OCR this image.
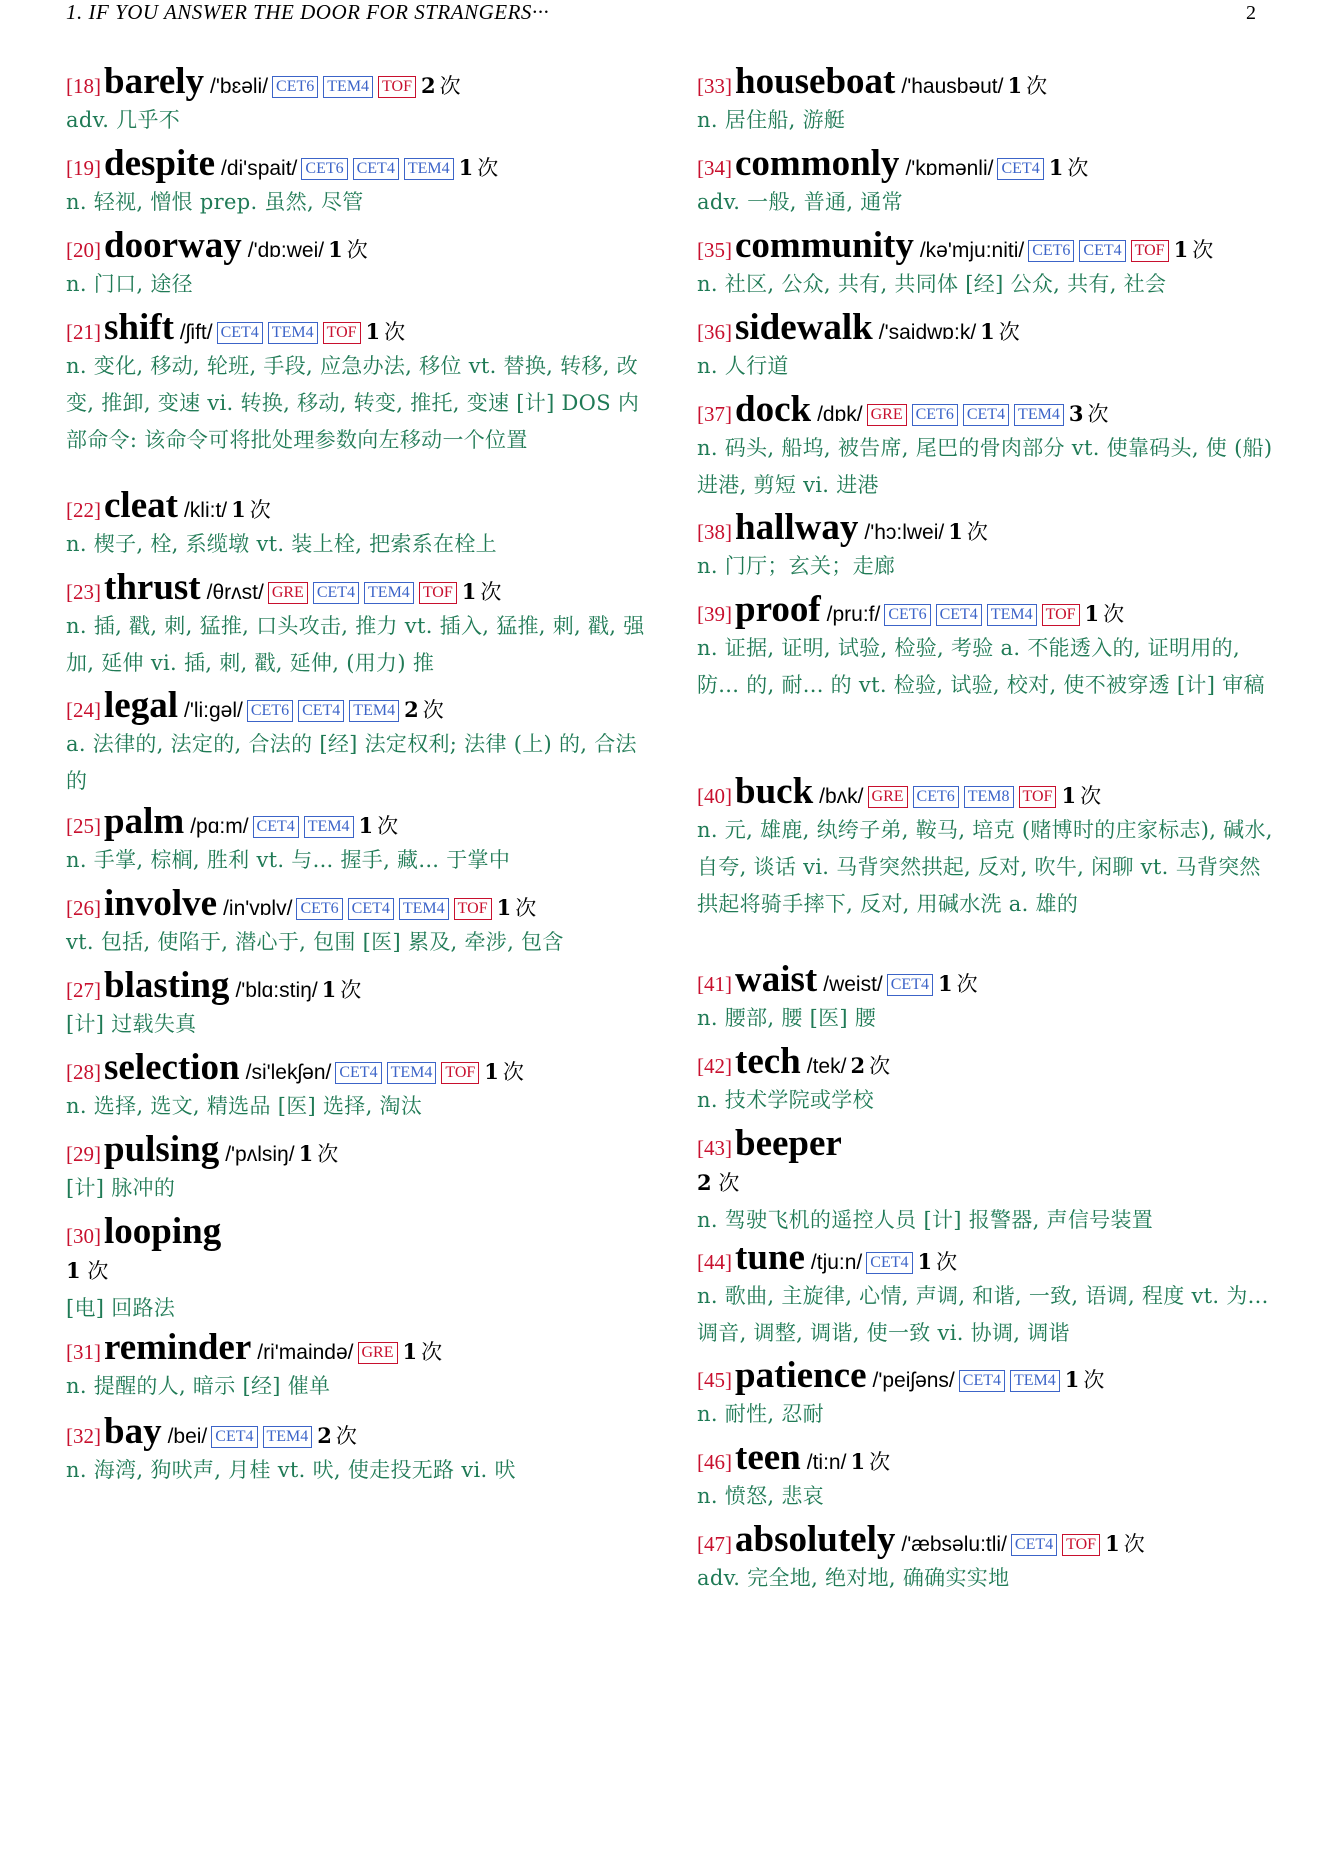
1. IF YOU ANSWER THE DOOR FOR STRANGERS···	2
[18]barely /'bɛəli/ CET6 TEM4 TOF 2 次
adv. 几乎不
[19]despite /di'spait/ CET6 CET4 TEM4 1 次
n. 轻视, 憎恨 prep. 虽然, 尽管
[20]doorway /'dɒ:wei/ 1 次
n. 门口, 途径
[21]shift /ʃift/ CET4 TEM4 TOF 1 次
n. 变化, 移动, 轮班, 手段, 应急办法, 移位 vt. 替换, 转移, 改变, 推卸, 变速 vi. 转换, 移动, 转变, 推托, 变速 [计] DOS 内部命令: 该命令可将批处理参数向左移动一个位置
[22]cleat /kli:t/ 1 次
n. 楔子, 栓, 系缆墩 vt. 装上栓, 把索系在栓上
[23]thrust /θrʌst/ GRE CET4 TEM4 TOF 1 次
n. 插, 戳, 刺, 猛推, 口头攻击, 推力 vt. 插入, 猛推, 刺, 戳, 强加, 延伸 vi. 插, 刺, 戳, 延伸, (用力) 推
[24]legal /'li:gəl/ CET6 CET4 TEM4 2 次
a. 法律的, 法定的, 合法的 [经] 法定权利; 法律 (上) 的, 合法的
[25]palm /pɑ:m/ CET4 TEM4 1 次
n. 手掌, 棕榈, 胜利 vt. 与... 握手, 藏... 于掌中
[26]involve /in'vɒlv/ CET6 CET4 TEM4 TOF 1 次
vt. 包括, 使陷于, 潜心于, 包围 [医] 累及, 牵涉, 包含
[27]blasting /'blɑ:stiŋ/ 1 次
[计] 过载失真
[28]selection /si'lekʃən/ CET4 TEM4 TOF 1 次
n. 选择, 选文, 精选品 [医] 选择, 淘汰
[29]pulsing /'pʌlsiŋ/ 1 次
[计] 脉冲的
[30]looping
1 次
[电] 回路法
[31]reminder /ri'maində/ GRE 1 次
n. 提醒的人, 暗示 [经] 催单
[32]bay /bei/ CET4 TEM4 2 次
n. 海湾, 狗吠声, 月桂 vt. 吠, 使走投无路 vi. 吠
[33]houseboat /'hausbəut/ 1 次
n. 居住船, 游艇
[34]commonly /'kɒmənli/ CET4 1 次
adv. 一般, 普通, 通常
[35]community /kə'mju:niti/ CET6 CET4 TOF 1 次
n. 社区, 公众, 共有, 共同体 [经] 公众, 共有, 社会
[36]sidewalk /'saidwɒ:k/ 1 次
n. 人行道
[37]dock /dɒk/ GRE CET6 CET4 TEM4 3 次
n. 码头, 船坞, 被告席, 尾巴的骨肉部分 vt. 使靠码头, 使 (船) 进港, 剪短 vi. 进港
[38]hallway /'hɔ:lwei/ 1 次
n. 门厅；玄关；走廊
[39]proof /pru:f/ CET6 CET4 TEM4 TOF 1 次
n. 证据, 证明, 试验, 检验, 考验 a. 不能透入的, 证明用的, 防... 的, 耐... 的 vt. 检验, 试验, 校对, 使不被穿透 [计] 审稿
[40]buck /bʌk/ GRE CET6 TEM8 TOF 1 次
n. 元, 雄鹿, 纨绔子弟, 鞍马, 培克 (赌博时的庄家标志), 碱水, 自夸, 谈话 vi. 马背突然拱起, 反对, 吹牛, 闲聊 vt. 马背突然拱起将骑手摔下, 反对, 用碱水洗 a. 雄的
[41]waist /weist/ CET4 1 次
n. 腰部, 腰 [医] 腰
[42]tech /tek/ 2 次
n. 技术学院或学校
[43]beeper
2 次
n. 驾驶飞机的遥控人员 [计] 报警器, 声信号装置
[44]tune /tju:n/ CET4 1 次
n. 歌曲, 主旋律, 心情, 声调, 和谐, 一致, 语调, 程度 vt. 为... 调音, 调整, 调谐, 使一致 vi. 协调, 调谐
[45]patience /'peiʃəns/ CET4 TEM4 1 次
n. 耐性, 忍耐
[46]teen /ti:n/ 1 次
n. 愤怒, 悲哀
[47]absolutely /'æbsəlu:tli/ CET4 TOF 1 次
adv. 完全地, 绝对地, 确确实实地
